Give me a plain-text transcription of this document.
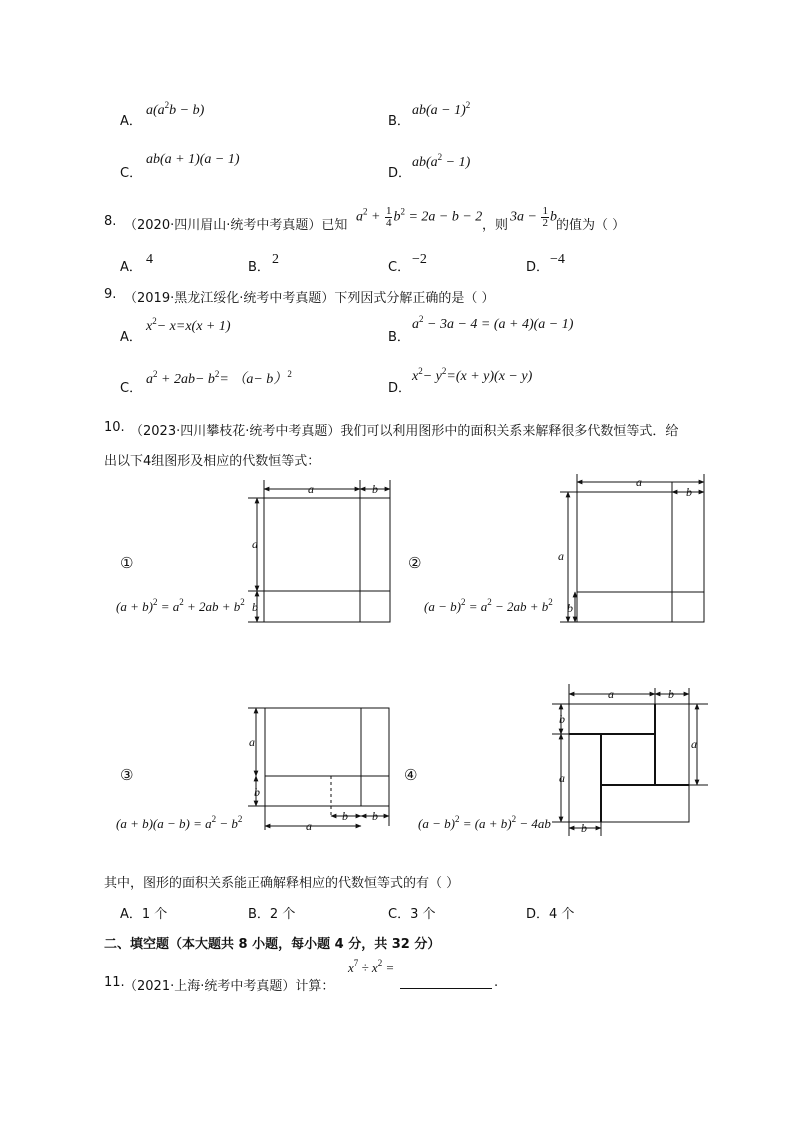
A．
$a(a^2b - b)$
B．
$ab(a - 1)^2$
C．
ab(a + 1)(a − 1)
D．
$ab(a^2 - 1)$
8. （2020·四川眉山·统考中考真题）已知
$a^2 + \frac{1}{4} b^2 = 2a - b - 2$
，则
$3a - \frac{1}{2}$ b
的值为（ ）
A．
4
B．
2
C．
−2
D．
−4
9. （2019·黑龙江绥化·统考中考真题）下列因式分解正确的是（ ）
A．
$x^2- x=x(x + 1)$
B．
$a^2 - 3a - 4 = (a + 4)(a - 1)$
C．
$a^2 + 2ab- b^2= (a- b)^2$
D．
$x^2- y^2=(x + y)(x - y)$
10. （2023·四川攀枝花·统考中考真题）我们可以利用图形中的面积关系来解释很多代数恒等式．给
出以下4组图形及相应的代数恒等式：
①	②
③	④
$(a + b)^2 = a^2 + 2ab + b^2$	$(a - b)^2 = a^2 - 2ab + b^2$
$(a + b)(a - b) = a^2 - b^2$	$(a - b)^2 = (a + b)^2 - 4ab$
a	b
a
b
a
b
a
b
a
b
b b
a
a	b
a
b
a
b
其中，图形的面积关系能正确解释相应的代数恒等式的有（ ）
A．1 个	B．2 个	C．3 个	D．4 个
二、填空题（本大题共 8 小题，每小题 4 分，共 32 分）
11. （2021·上海·统考中考真题）计算：
$x^7 \div x^2$ =
.
